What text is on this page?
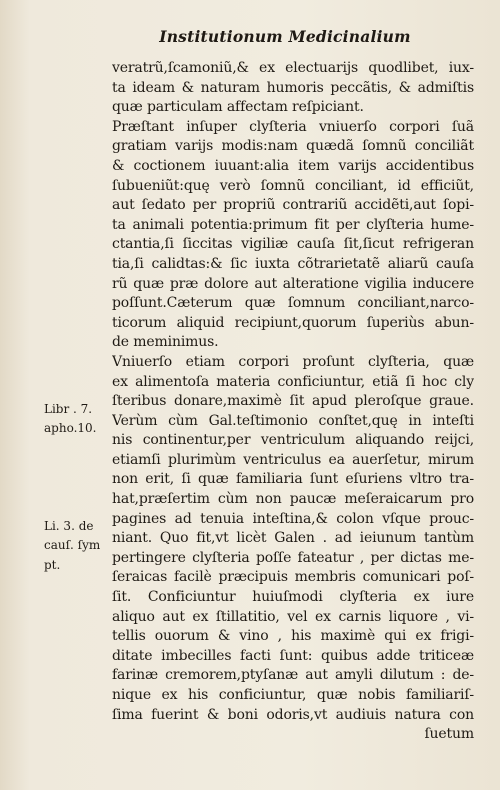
Institutionum Medicinalium
veratrũ,ſcamoniũ,& ex electuarijs quodlibet, iux-
ta ideam & naturam humoris peccãtis, & admiſtis
quæ particulam affectam reſpiciant.
Præſtant inſuper clyſteria vniuerſo corpori ſuã
gratiam varijs modis:nam quædã ſomnũ conciliãt
& coctionem iuuant:alia item varijs accidentibus
ſubueniũt:quę verò ſomnũ conciliant, id efficiũt,
aut ſedato per propriũ contrariũ accidẽti,aut ſopi-
ta animali potentia:primum fit per clyſteria hume-
ctantia,ſi ſiccitas vigiliæ cauſa ſit,ſicut refrigeran
tia,ſi calidtas:& ſic iuxta cõtrarietatẽ aliarũ cauſa
rũ quæ præ dolore aut alteratione vigilia inducere
poſſunt.Cæterum quæ ſomnum conciliant,narco-
ticorum aliquid recipiunt,quorum ſuperiùs abun-
de meminimus.
Vniuerſo etiam corpori proſunt clyſteria, quæ
ex alimentoſa materia conficiuntur, etiã ſi hoc cly
ſteribus donare,maximè ſit apud pleroſque graue.
Verùm cùm Gal.teſtimonio conſtet,quę in inteſti
nis continentur,per ventriculum aliquando reijci,
etiamſi plurimùm ventriculus ea auerſetur, mirum
non erit, ſi quæ familiaria ſunt eſuriens vltro tra-
hat,præſertim cùm non paucæ meſeraicarum pro
pagines ad tenuia inteſtina,& colon vſque prouc-
niant. Quo fit,vt licèt Galen . ad ieiunum tantùm
pertingere clyſteria poſſe fateatur , per dictas me-
ſeraicas facilè præcipuis membris comunicari poſ-
ſit. Conficiuntur huiuſmodi clyſteria ex iure
aliquo aut ex ſtillatitio, vel ex carnis liquore , vi-
tellis ouorum & vino , his maximè qui ex frigi-
ditate imbecilles facti ſunt: quibus adde triticeæ
farinæ cremorem,ptyſanæ aut amyli dilutum : de-
nique ex his conficiuntur, quæ nobis familiariſ-
ſima fuerint & boni odoris,vt audiuis natura con
ſuetum
Libr . 7.
apho.10.
Li. 3. de
cauſ. ſym
pt.
